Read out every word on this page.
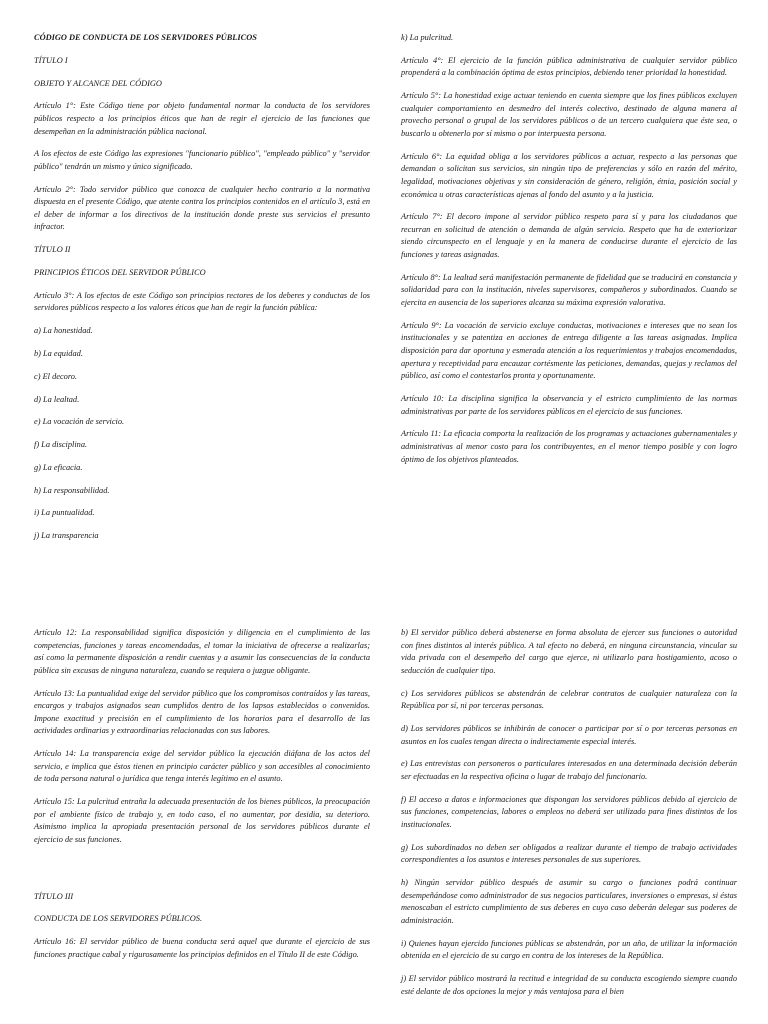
CÓDIGO DE CONDUCTA DE LOS SERVIDORES PÚBLICOS

TÍTULO I

OBJETO Y ALCANCE DEL CÓDIGO

Artículo 1°: Este Código tiene por objeto fundamental normar la conducta de los servidores públicos respecto a los principios éticos que han de regir el ejercicio de las funciones que desempeñan en la administración pública nacional.

A los efectos de este Código las expresiones "funcionario público", "empleado público" y "servidor público" tendrán un mismo y único significado.

Artículo 2°: Todo servidor público que conozca de cualquier hecho contrario a la normativa dispuesta en el presente Código, que atente contra los principios contenidos en el artículo 3, está en el deber de informar a los directivos de la institución donde preste sus servicios el presunto infractor.

TÍTULO II

PRINCIPIOS ÉTICOS DEL SERVIDOR PÚBLICO

Artículo 3°: A los efectos de este Código son principios rectores de los deberes y conductas de los servidores públicos respecto a los valores éticos que han de regir la función pública:

a) La honestidad.

b) La equidad.

c) El decoro.

d) La lealtad.

e) La vocación de servicio.

f) La disciplina.

g) La eficacia.

h) La responsabilidad.

i) La puntualidad.

j) La transparencia

k) La pulcritud.

Artículo 4°: El ejercicio de la función pública administrativa de cualquier servidor público propenderá a la combinación óptima de estos principios, debiendo tener prioridad la honestidad.

Artículo 5°: La honestidad exige actuar teniendo en cuenta siempre que los fines públicos excluyen cualquier comportamiento en desmedro del interés colectivo, destinado de alguna manera al provecho personal o grupal de los servidores públicos o de un tercero cualquiera que éste sea, o buscarlo u obtenerlo por sí mismo o por interpuesta persona.

Artículo 6°: La equidad obliga a los servidores públicos a actuar, respecto a las personas que demandan o solicitan sus servicios, sin ningún tipo de preferencias y sólo en razón del mérito, legalidad, motivaciones objetivas y sin consideración de género, religión, étnia, posición social y económica u otras características ajenas al fondo del asunto y a la justicia.

Artículo 7°: El decoro impone al servidor público respeto para sí y para los ciudadanos que recurran en solicitud de atención o demanda de algún servicio. Respeto que ha de exteriorizar siendo circunspecto en el lenguaje y en la manera de conducirse durante el ejercicio de las funciones y tareas asignadas.

Artículo 8°: La lealtad será manifestación permanente de fidelidad que se traducirá en constancia y solidaridad para con la institución, niveles supervisores, compañeros y subordinados. Cuando se ejercita en ausencia de los superiores alcanza su máxima expresión valorativa.

Artículo 9°: La vocación de servicio excluye conductas, motivaciones e intereses que no sean los institucionales y se patentiza en acciones de entrega diligente a las tareas asignadas. Implica disposición para dar oportuna y esmerada atención a los requerimientos y trabajos encomendados, apertura y receptividad para encauzar cortésmente las peticiones, demandas, quejas y reclamos del público, así como el contestarlos pronta y oportunamente.

Artículo 10: La disciplina significa la observancia y el estricto cumplimiento de las normas administrativas por parte de los servidores públicos en el ejercicio de sus funciones.

Artículo 11: La eficacia comporta la realización de los programas y actuaciones gubernamentales y administrativas al menor costo para los contribuyentes, en el menor tiempo posible y con logro óptimo de los objetivos planteados.

Artículo 12: La responsabilidad significa disposición y diligencia en el cumplimiento de las competencias, funciones y tareas encomendadas, el tomar la iniciativa de ofrecerse a realizarlas; así como la permanente disposición a rendir cuentas y a asumir las consecuencias de la conducta pública sin excusas de ninguna naturaleza, cuando se requiera o juzgue obligante.

Artículo 13: La puntualidad exige del servidor público que los compromisos contraídos y las tareas, encargos y trabajos asignados sean cumplidos dentro de los lapsos establecidos o convenidos. Impone exactitud y precisión en el cumplimiento de los horarios para el desarrollo de las actividades ordinarias y extraordinarias relacionadas con sus labores.

Artículo 14: La transparencia exige del servidor público la ejecución diáfana de los actos del servicio, e implica que éstos tienen en principio carácter público y son accesibles al conocimiento de toda persona natural o jurídica que tenga interés legítimo en el asunto.

Artículo 15: La pulcritud entraña la adecuada presentación de los bienes públicos, la preocupación por el ambiente físico de trabajo y, en todo caso, el no aumentar, por desidia, su deterioro. Asimismo implica la apropiada presentación personal de los servidores públicos durante el ejercicio de sus funciones.

TÍTULO III

CONDUCTA DE LOS SERVIDORES PÚBLICOS.

Artículo 16: El servidor público de buena conducta será aquel que durante el ejercicio de sus funciones practique cabal y rigurosamente los principios definidos en el Título II de este Código.

b) El servidor público deberá abstenerse en forma absoluta de ejercer sus funciones o autoridad con fines distintos al interés público. A tal efecto no deberá, en ninguna circunstancia, vincular su vida privada con el desempeño del cargo que ejerce, ni utilizarlo para hostigamiento, acoso o seducción de cualquier tipo.

c) Los servidores públicos se abstendrán de celebrar contratos de cualquier naturaleza con la República por sí, ni por terceras personas.

d) Los servidores públicos se inhibirán de conocer o participar por sí o por terceras personas en asuntos en los cuales tengan directa o indirectamente especial interés.

e) Las entrevistas con personeros o particulares interesados en una determinada decisión deberán ser efectuadas en la respectiva oficina o lugar de trabajo del funcionario.

f) El acceso a datos e informaciones que dispongan los servidores públicos debido al ejercicio de sus funciones, competencias, labores o empleos no deberá ser utilizado para fines distintos de los institucionales.

g) Los subordinados no deben ser obligados a realizar durante el tiempo de trabajo actividades correspondientes a los asuntos e intereses personales de sus superiores.

h) Ningún servidor público después de asumir su cargo o funciones podrá continuar desempeñándose como administrador de sus negocios particulares, inversiones o empresas, si éstas menoscaban el estricto cumplimiento de sus deberes en cuyo caso deberán delegar sus poderes de administración.

i) Quienes hayan ejercido funciones públicas se abstendrán, por un año, de utilizar la información obtenida en el ejercicio de su cargo en contra de los intereses de la República.

j) El servidor público mostrará la rectitud e integridad de su conducta escogiendo siempre cuando esté delante de dos opciones la mejor y más ventajosa para el bien
